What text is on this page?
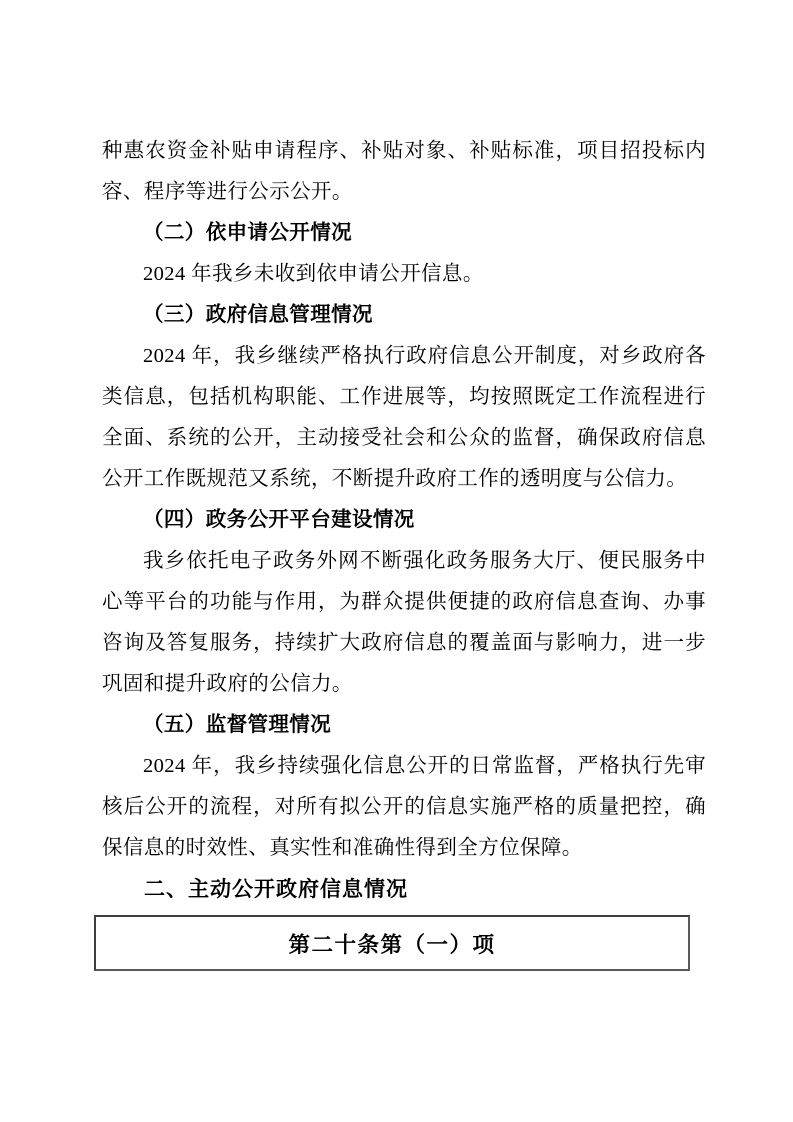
种惠农资金补贴申请程序、补贴对象、补贴标准，项目招投标内容、程序等进行公示公开。

（二）依申请公开情况

2024 年我乡未收到依申请公开信息。

（三）政府信息管理情况

2024 年，我乡继续严格执行政府信息公开制度，对乡政府各类信息，包括机构职能、工作进展等，均按照既定工作流程进行全面、系统的公开，主动接受社会和公众的监督，确保政府信息公开工作既规范又系统，不断提升政府工作的透明度与公信力。

（四）政务公开平台建设情况

我乡依托电子政务外网不断强化政务服务大厅、便民服务中心等平台的功能与作用，为群众提供便捷的政府信息查询、办事咨询及答复服务，持续扩大政府信息的覆盖面与影响力，进一步巩固和提升政府的公信力。

（五）监督管理情况

2024 年，我乡持续强化信息公开的日常监督，严格执行先审核后公开的流程，对所有拟公开的信息实施严格的质量把控，确保信息的时效性、真实性和准确性得到全方位保障。

二、主动公开政府信息情况
第二十条第（一）项
